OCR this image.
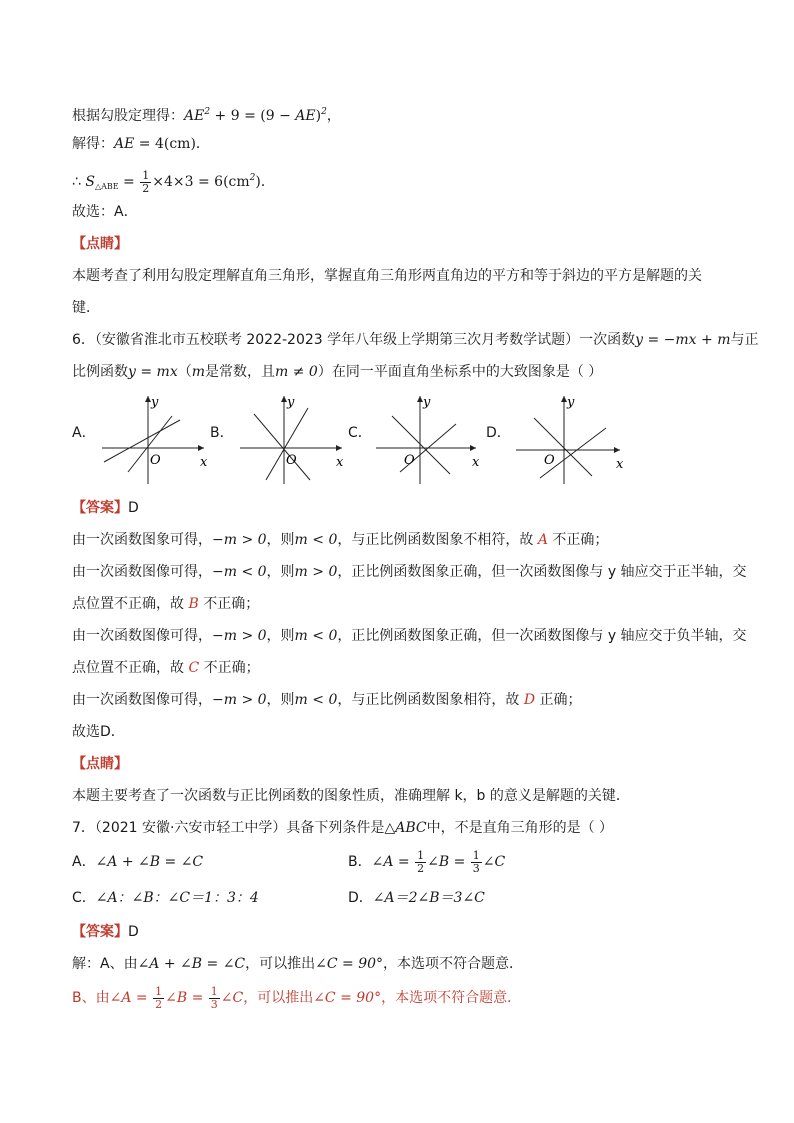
根据勾股定理得：$AE^2 + 9 = (9 - AE)^2$，
解得：AE = 4(cm)．
∴ $S_{\triangle ABE} = \frac{1}{2} \times 4\times 3 = 6(cm^2)$．
故选：A．
【点睛】
本题考查了利用勾股定理解直角三角形，掌握直角三角形两直角边的平方和等于斜边的平方是解题的关
键．
6．（安徽省淮北市五校联考 2022-2023 学年八年级上学期第三次月考数学试题）一次函数y = −mx + m与正
比例函数y = mx（m是常数，且m ≠ 0）在同一平面直角坐标系中的大致图象是（ ）
A．
x
y
O
B．
x
y
O
C．
x
y
O
D．
x
y
O
【答案】D
由一次函数图象可得，−m > 0，则m < 0，与正比例函数图象不相符，故 A 不正确；
由一次函数图像可得，−m < 0，则m > 0，正比例函数图象正确，但一次函数图像与 y 轴应交于正半轴，交
点位置不正确，故 B 不正确；
由一次函数图像可得，−m > 0，则m < 0，正比例函数图象正确，但一次函数图像与 y 轴应交于负半轴，交
点位置不正确，故 C 不正确；
由一次函数图像可得，−m > 0，则m < 0，与正比例函数图象相符，故 D 正确；
故选D．
【点睛】
本题主要考查了一次函数与正比例函数的图象性质，准确理解 k，b 的意义是解题的关键．
7．（2021 安徽·六安市轻工中学）具备下列条件是△ABC中，不是直角三角形的是（ ）
A．∠A + ∠B = ∠C	B．∠A = $\frac{1}{2}$ ∠B = $\frac{1}{3}$ ∠C
C．∠A：∠B：∠C＝1：3：4	D．∠A＝2∠B＝3∠C
【答案】D
解：A、由∠A + ∠B = ∠C，可以推出∠C = 90°，本选项不符合题意．
B、由∠A = $\frac{1}{2}$ ∠B = $\frac{1}{3}$ ∠C，可以推出∠C = 90°，本选项不符合题意．
